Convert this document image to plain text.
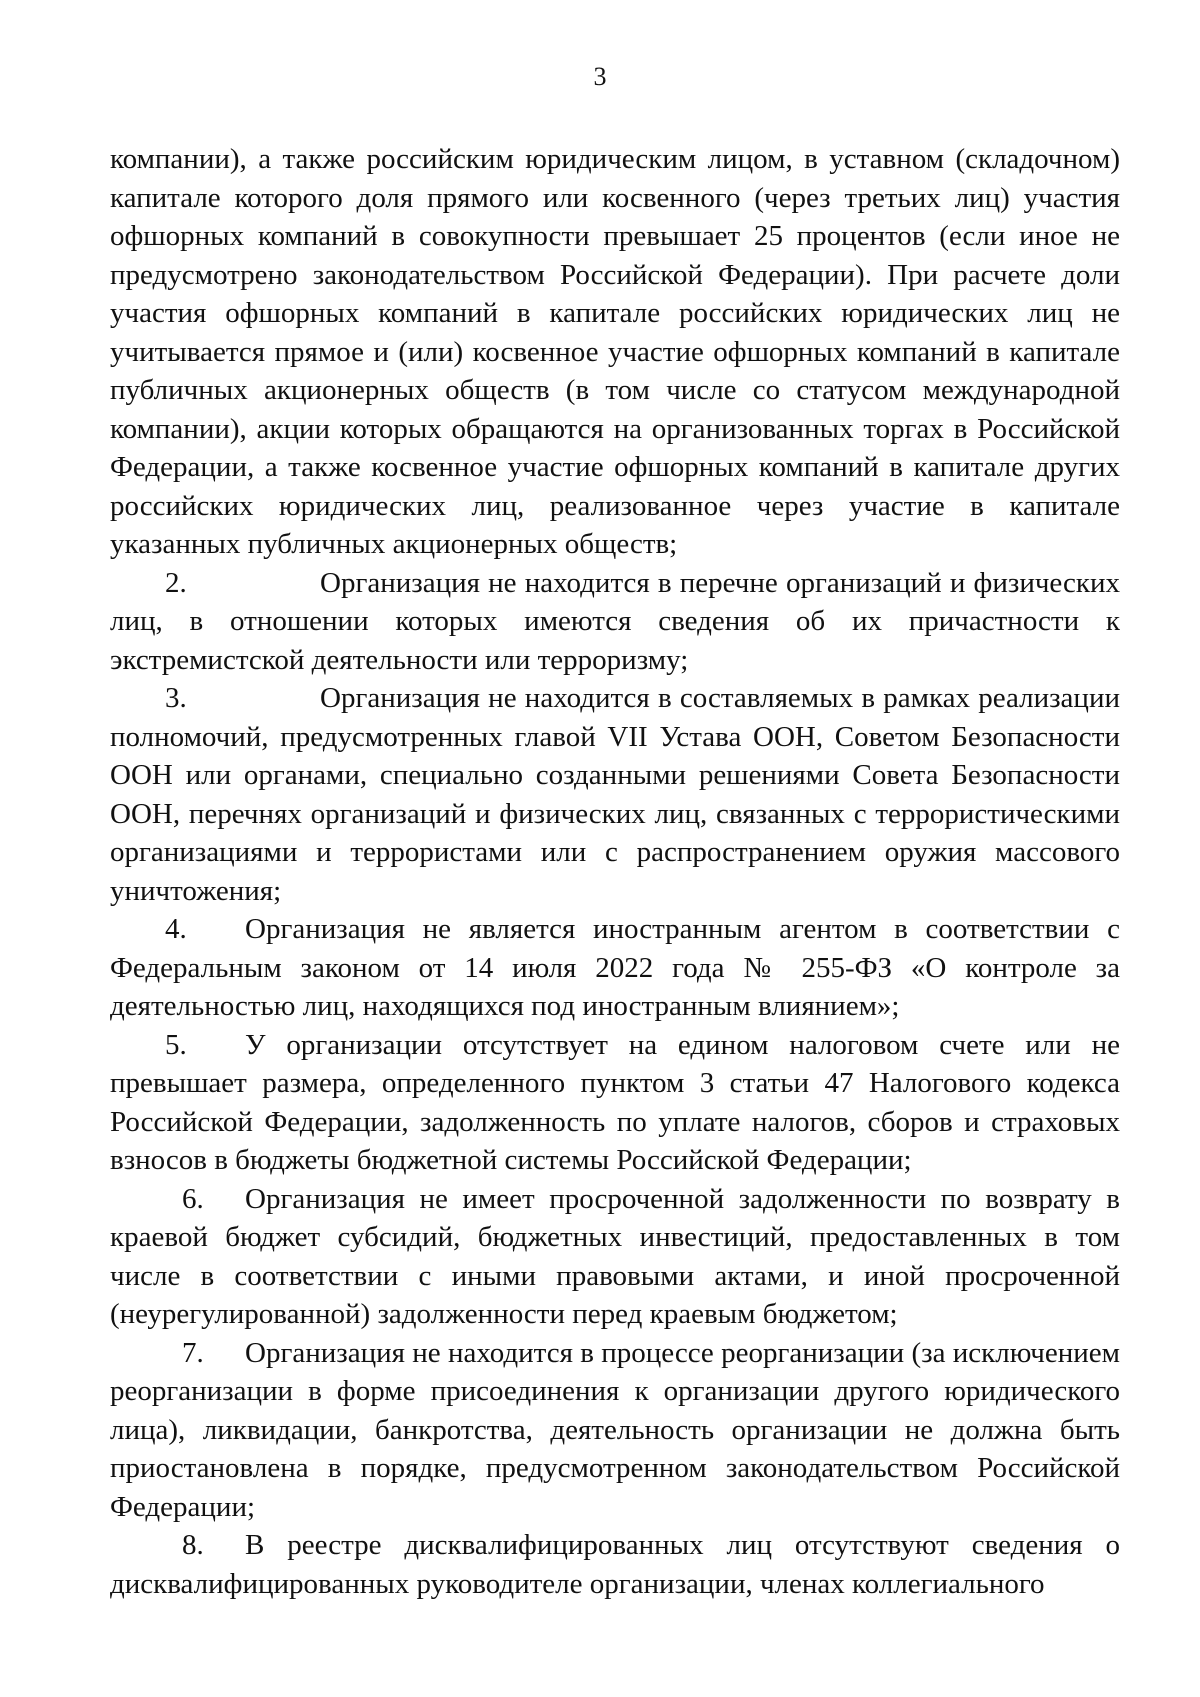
3

компании), а также российским юридическим лицом, в уставном (складочном) капитале которого доля прямого или косвенного (через третьих лиц) участия офшорных компаний в совокупности превышает 25 процентов (если иное не предусмотрено законодательством Российской Федерации). При расчете доли участия офшорных компаний в капитале российских юридических лиц не учитывается прямое и (или) косвенное участие офшорных компаний в капитале публичных акционерных обществ (в том числе со статусом международной компании), акции которых обращаются на организованных торгах в Российской Федерации, а также косвенное участие офшорных компаний в капитале других российских юридических лиц, реализованное через участие в капитале указанных публичных акционерных обществ;

2.	Организация не находится в перечне организаций и физических лиц, в отношении которых имеются сведения об их причастности к экстремистской деятельности или терроризму;

3.	Организация не находится в составляемых в рамках реализации полномочий, предусмотренных главой VII Устава ООН, Советом Безопасности ООН или органами, специально созданными решениями Совета Безопасности ООН, перечнях организаций и физических лиц, связанных с террористическими организациями и террористами или с распространением оружия массового уничтожения;

4. Организация не является иностранным агентом в соответствии с Федеральным законом от 14 июля 2022 года № 255-ФЗ «О контроле за деятельностью лиц, находящихся под иностранным влиянием»;

5. У организации отсутствует на едином налоговом счете или не превышает размера, определенного пунктом 3 статьи 47 Налогового кодекса Российской Федерации, задолженность по уплате налогов, сборов и страховых взносов в бюджеты бюджетной системы Российской Федерации;

6. Организация не имеет просроченной задолженности по возврату в краевой бюджет субсидий, бюджетных инвестиций, предоставленных в том числе в соответствии с иными правовыми актами, и иной просроченной (неурегулированной) задолженности перед краевым бюджетом;

7. Организация не находится в процессе реорганизации (за исключением реорганизации в форме присоединения к организации другого юридического лица), ликвидации, банкротства, деятельность организации не должна быть приостановлена в порядке, предусмотренном законодательством Российской Федерации;

8. В реестре дисквалифицированных лиц отсутствуют сведения о дисквалифицированных руководителе организации, членах коллегиального
